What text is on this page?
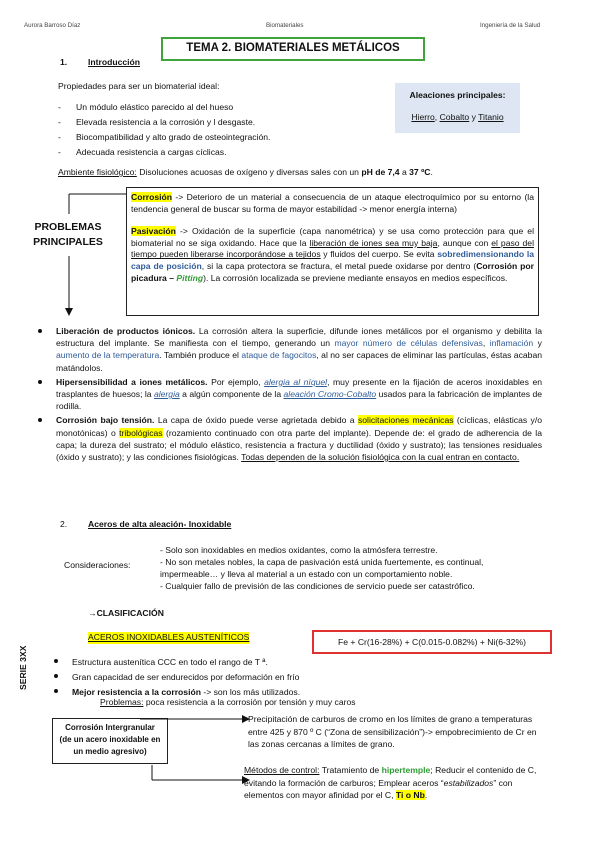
Aurora Barroso Díaz	Biomateriales	Ingeniería de la Salud
TEMA 2. BIOMATERIALES METÁLICOS
1. Introducción
Propiedades para ser un biomaterial ideal:
- Un módulo elástico parecido al del hueso
- Elevada resistencia a la corrosión y l desgaste.
- Biocompatibilidad y alto grado de osteointegración.
- Adecuada resistencia a cargas cíclicas.
Aleaciones principales:
Hierro, Cobalto y Titanio
Ambiente fisiológico: Disoluciones acuosas de oxígeno y diversas sales con un pH de 7,4 a 37 ºC.
PROBLEMAS
PRINCIPALES

Corrosión -> Deterioro de un material a consecuencia de un ataque electroquímico por su entorno (la tendencia general de buscar su forma de mayor estabilidad -> menor energía interna)

Pasivación -> Oxidación de la superficie (capa nanométrica) y se usa como protección para que el biomaterial no se siga oxidando. Hace que la liberación de iones sea muy baja, aunque con el paso del tiempo pueden liberarse incorporándose a tejidos y fluidos del cuerpo. Se evita sobredimensionando la capa de posición, si la capa protectora se fractura, el metal puede oxidarse por dentro (Corrosión por picadura – Pitting). La corrosión localizada se previene mediante ensayos en medios específicos.

Liberación de productos iónicos. La corrosión altera la superficie, difunde iones metálicos por el organismo y debilita la estructura del implante. Se manifiesta con el tiempo, generando un mayor número de células defensivas, inflamación y aumento de la temperatura. También produce el ataque de fagocitos, al no ser capaces de eliminar las partículas, éstas acaban matándolos.
Hipersensibilidad a iones metálicos. Por ejemplo, alergia al níquel, muy presente en la fijación de aceros inoxidables en trasplantes de huesos; la alergia a algún componente de la aleación Cromo-Cobalto usados para la fabricación de implantes de rodilla.
Corrosión bajo tensión. La capa de óxido puede verse agrietada debido a solicitaciones mecánicas (cíclicas, elásticas y/o monotónicas) o tribológicas (rozamiento continuado con otra parte del implante). Depende de: el grado de adherencia de la capa; la dureza del sustrato; el módulo elástico, resistencia a fractura y ductilidad (óxido y sustrato); las tensiones residuales (óxido y sustrato); y las condiciones fisiológicas. Todas dependen de la solución fisiológica con la cual entran en contacto.
2. Aceros de alta aleación- Inoxidable
Consideraciones:
- Solo son inoxidables en medios oxidantes, como la atmósfera terrestre.
- No son metales nobles, la capa de pasivación está unida fuertemente, es continual, impermeable… y lleva al material a un estado con un comportamiento noble.
- Cualquier fallo de previsión de las condiciones de servicio puede ser catastrófico.
→CLASIFICACIÓN
ACEROS INOXIDABLES AUSTENÍTICOS	Fe + Cr(16-28%) + C(0.015-0.082%) + Ni(6-32%)
SERIE 3XX	Estructura austenítica CCC en todo el rango de T ª.
Gran capacidad de ser endurecidos por deformación en frío
Mejor resistencia a la corrosión -> son los más utilizados.
Problemas: poca resistencia a la corrosión por tensión y muy caros
Corrosión Intergranular
(de un acero inoxidable en
un medio agresivo)
Precipitación de carburos de cromo en los límites de grano a temperaturas entre 425 y 870 º C (“Zona de sensibilización”)-> empobrecimiento de Cr en las zonas cercanas a límites de grano.
Métodos de control: Tratamiento de hipertemple; Reducir el contenido de C, evitando la formación de carburos; Emplear aceros “estabilizados” con elementos con mayor afinidad por el C, Ti o Nb.
